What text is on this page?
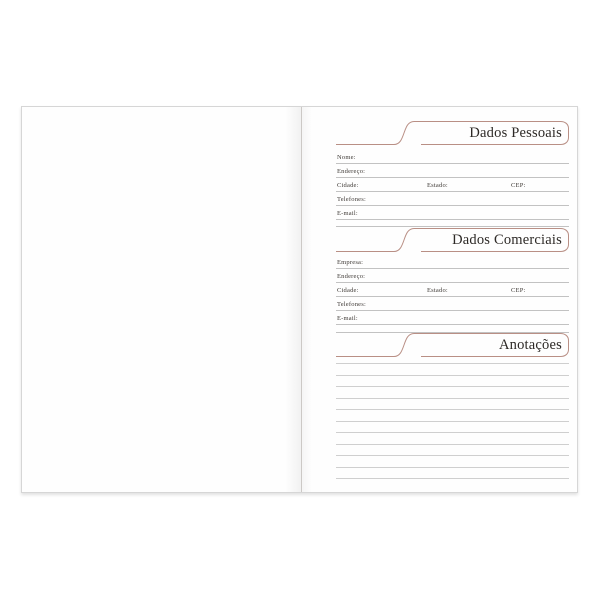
Dados Pessoais
Nome:
Endereço:
Cidade:	Estado:	CEP:
Telefones:
E-mail:
Dados Comerciais
Empresa:
Endereço:
Cidade:	Estado:	CEP:
Telefones:
E-mail:
Anotações
